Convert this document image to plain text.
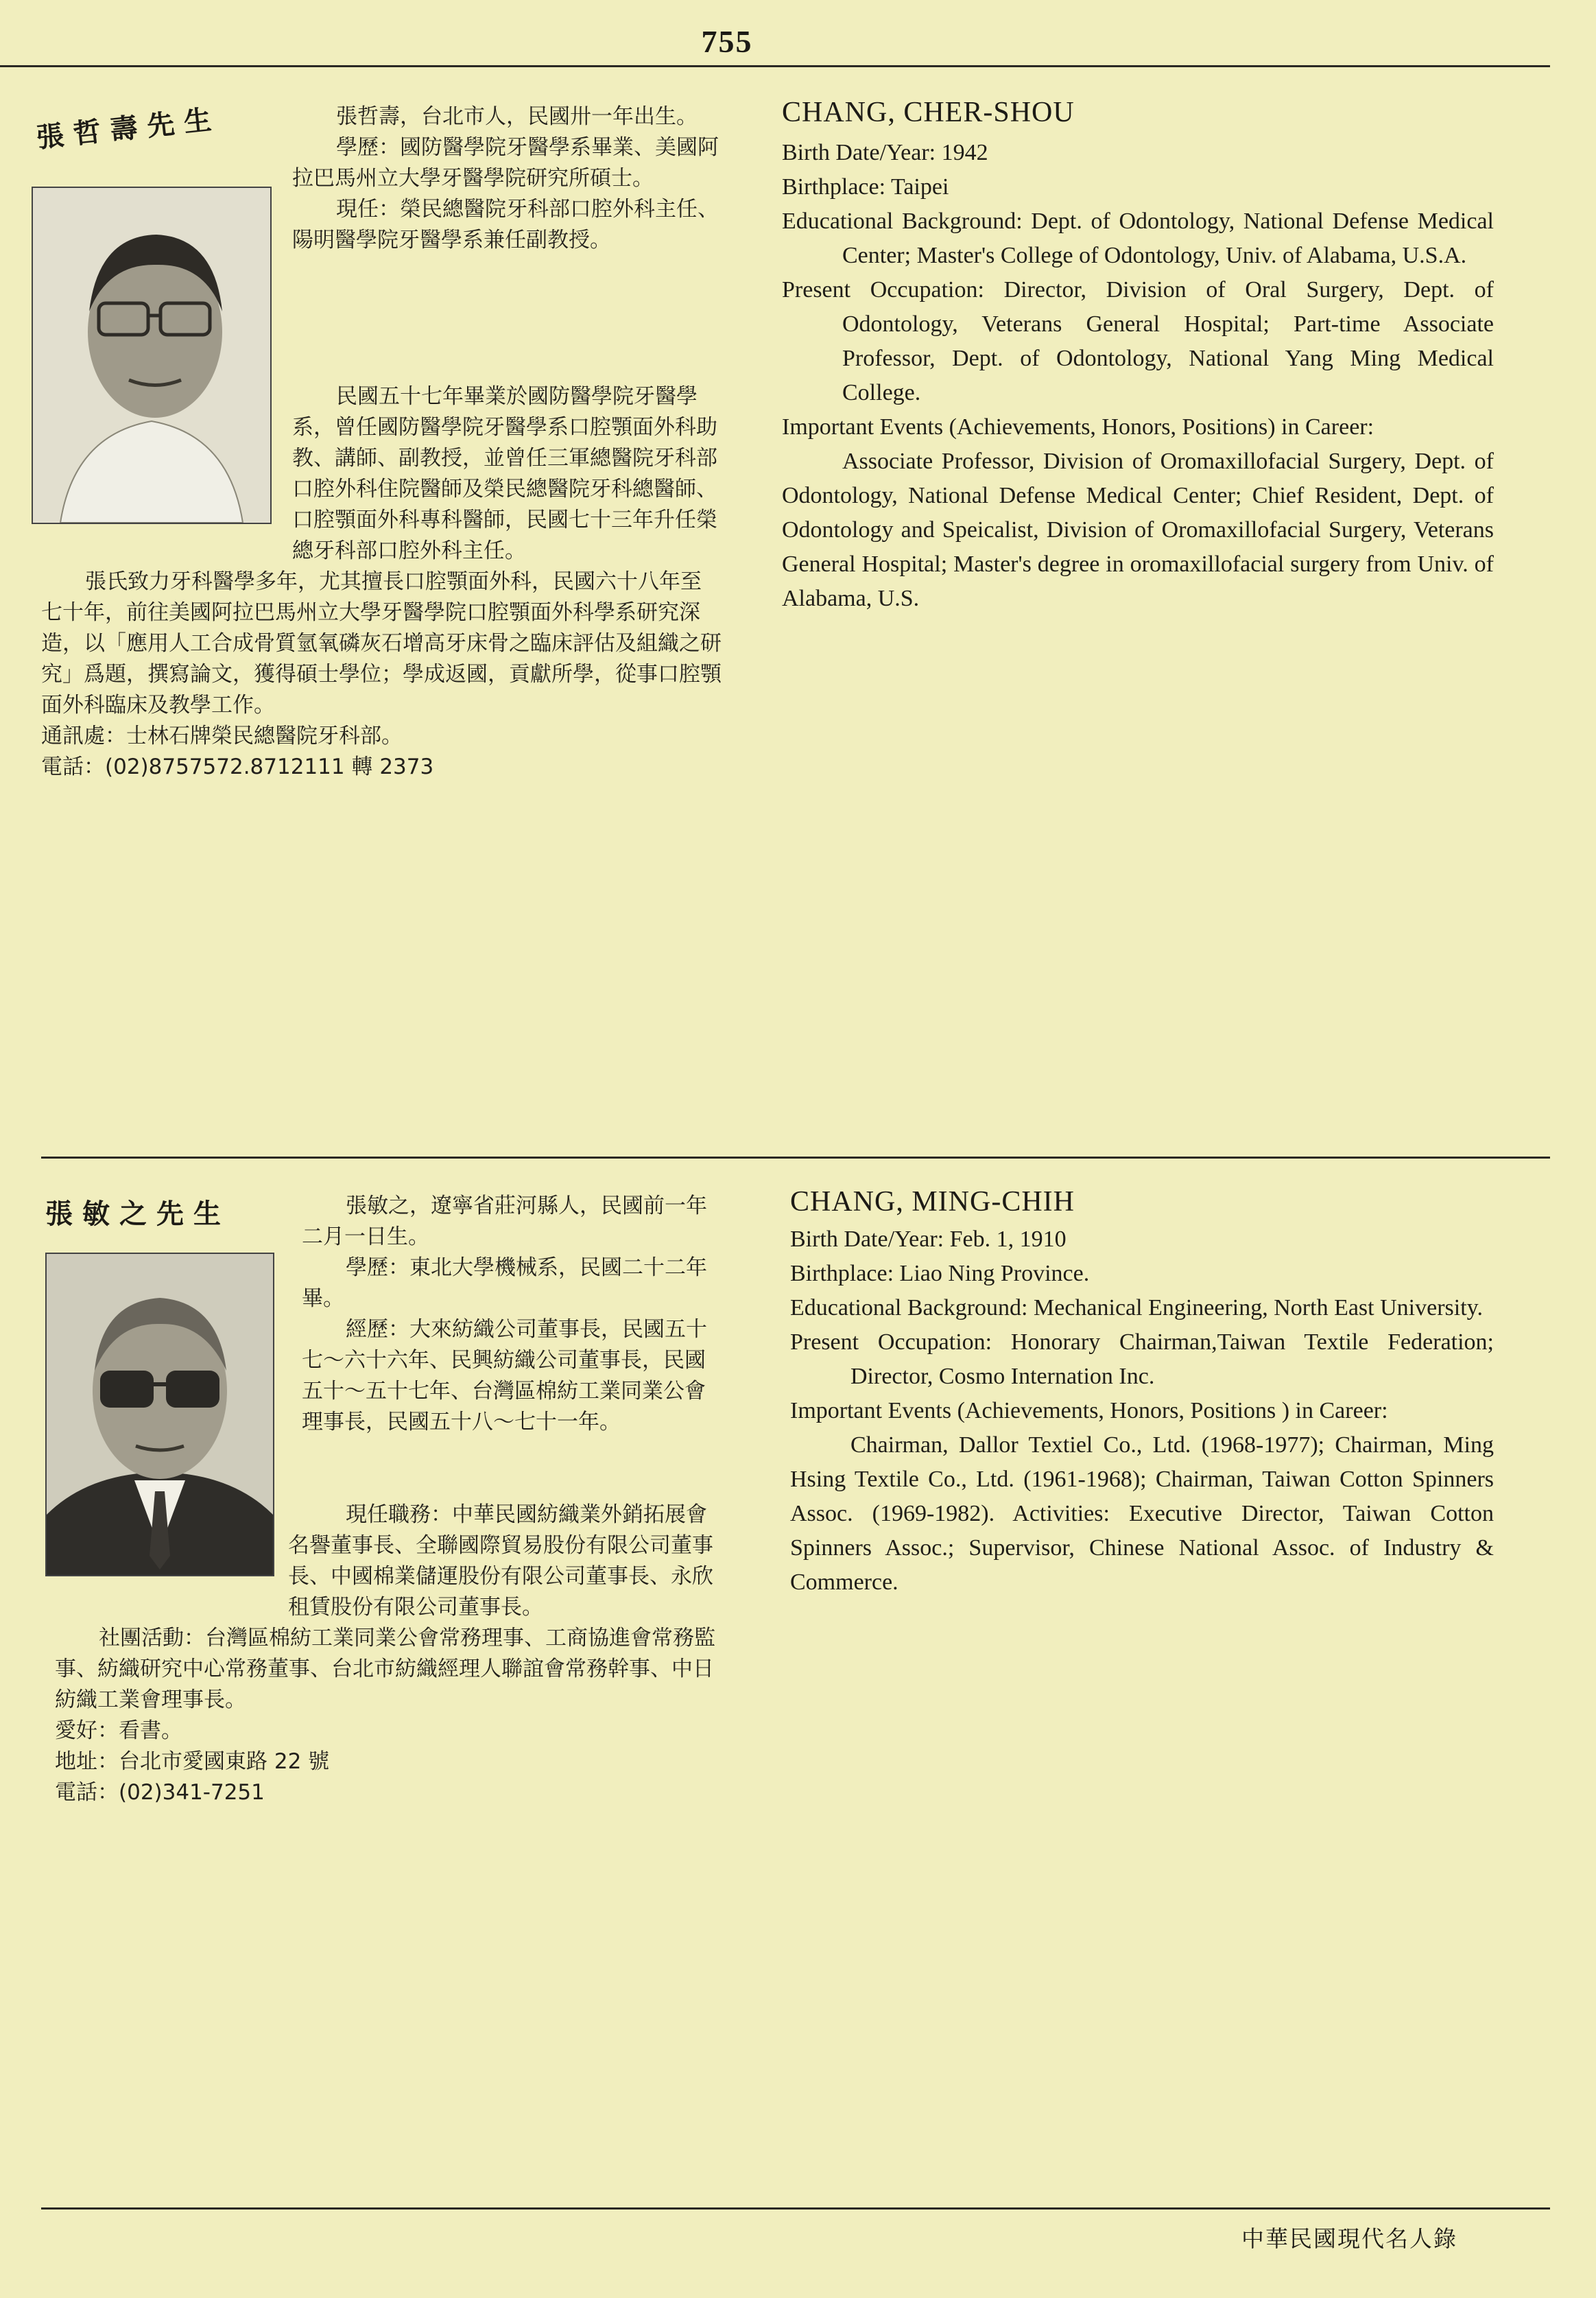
755
張哲壽先生	張哲壽，台北市人，民國卅一年出生。

學歷：國防醫學院牙醫學系畢業、美國阿拉巴馬州立大學牙醫學院研究所碩士。

現任：榮民總醫院牙科部口腔外科主任、陽明醫學院牙醫學系兼任副教授。

民國五十七年畢業於國防醫學院牙醫學系，曾任國防醫學院牙醫學系口腔顎面外科助教、講師、副教授，並曾任三軍總醫院牙科部口腔外科住院醫師及榮民總醫院牙科總醫師、口腔顎面外科專科醫師，民國七十三年升任榮總牙科部口腔外科主任。

張氏致力牙科醫學多年，尤其擅長口腔顎面外科，民國六十八年至七十年，前往美國阿拉巴馬州立大學牙醫學院口腔顎面外科學系研究深造，以「應用人工合成骨質氫氧磷灰石增高牙床骨之臨床評估及組織之研究」爲題，撰寫論文，獲得碩士學位；學成返國，貢獻所學，從事口腔顎面外科臨床及教學工作。

通訊處：士林石牌榮民總醫院牙科部。

電話：(02)8757572.8712111 轉 2373

CHANG, CHER-SHOU

Birth Date/Year: 1942

Birthplace: Taipei

Educational Background: Dept. of Odontology, National Defense Medical Center; Master's College of Odontology, Univ. of Alabama, U.S.A.

Present Occupation: Director, Division of Oral Surgery, Dept. of Odontology, Veterans General Hospital; Part-time Associate Professor, Dept. of Odontology, National Yang Ming Medical College.

Important Events (Achievements, Honors, Positions) in Career:

Associate Professor, Division of Oromaxillofacial Surgery, Dept. of Odontology, National Defense Medical Center; Chief Resident, Dept. of Odontology and Speicalist, Division of Oromaxillofacial Surgery, Veterans General Hospital; Master's degree in oromaxillofacial surgery from Univ. of Alabama, U.S.

張敏之先生	張敏之，遼寧省莊河縣人，民國前一年二月一日生。

學歷：東北大學機械系，民國二十二年畢。

經歷：大來紡織公司董事長，民國五十七～六十六年、民興紡織公司董事長，民國五十～五十七年、台灣區棉紡工業同業公會理事長，民國五十八～七十一年。

現任職務：中華民國紡織業外銷拓展會名譽董事長、全聯國際貿易股份有限公司董事長、中國棉業儲運股份有限公司董事長、永欣租賃股份有限公司董事長。

社團活動：台灣區棉紡工業同業公會常務理事、工商協進會常務監事、紡織研究中心常務董事、台北市紡織經理人聯誼會常務幹事、中日紡織工業會理事長。

愛好：看書。

地址：台北市愛國東路 22 號

電話：(02)341-7251

CHANG, MING-CHIH

Birth Date/Year: Feb. 1, 1910

Birthplace: Liao Ning Province.

Educational Background: Mechanical Engineering, North East University.

Present Occupation: Honorary Chairman,Taiwan Textile Federation; Director, Cosmo Internation Inc.

Important Events (Achievements, Honors, Positions ) in Career:

Chairman, Dallor Textiel Co., Ltd. (1968-1977); Chairman, Ming Hsing Textile Co., Ltd. (1961-1968); Chairman, Taiwan Cotton Spinners Assoc. (1969-1982). Activities: Executive Director, Taiwan Cotton Spinners Assoc.; Supervisor, Chinese National Assoc. of Industry & Commerce.

中華民國現代名人錄
